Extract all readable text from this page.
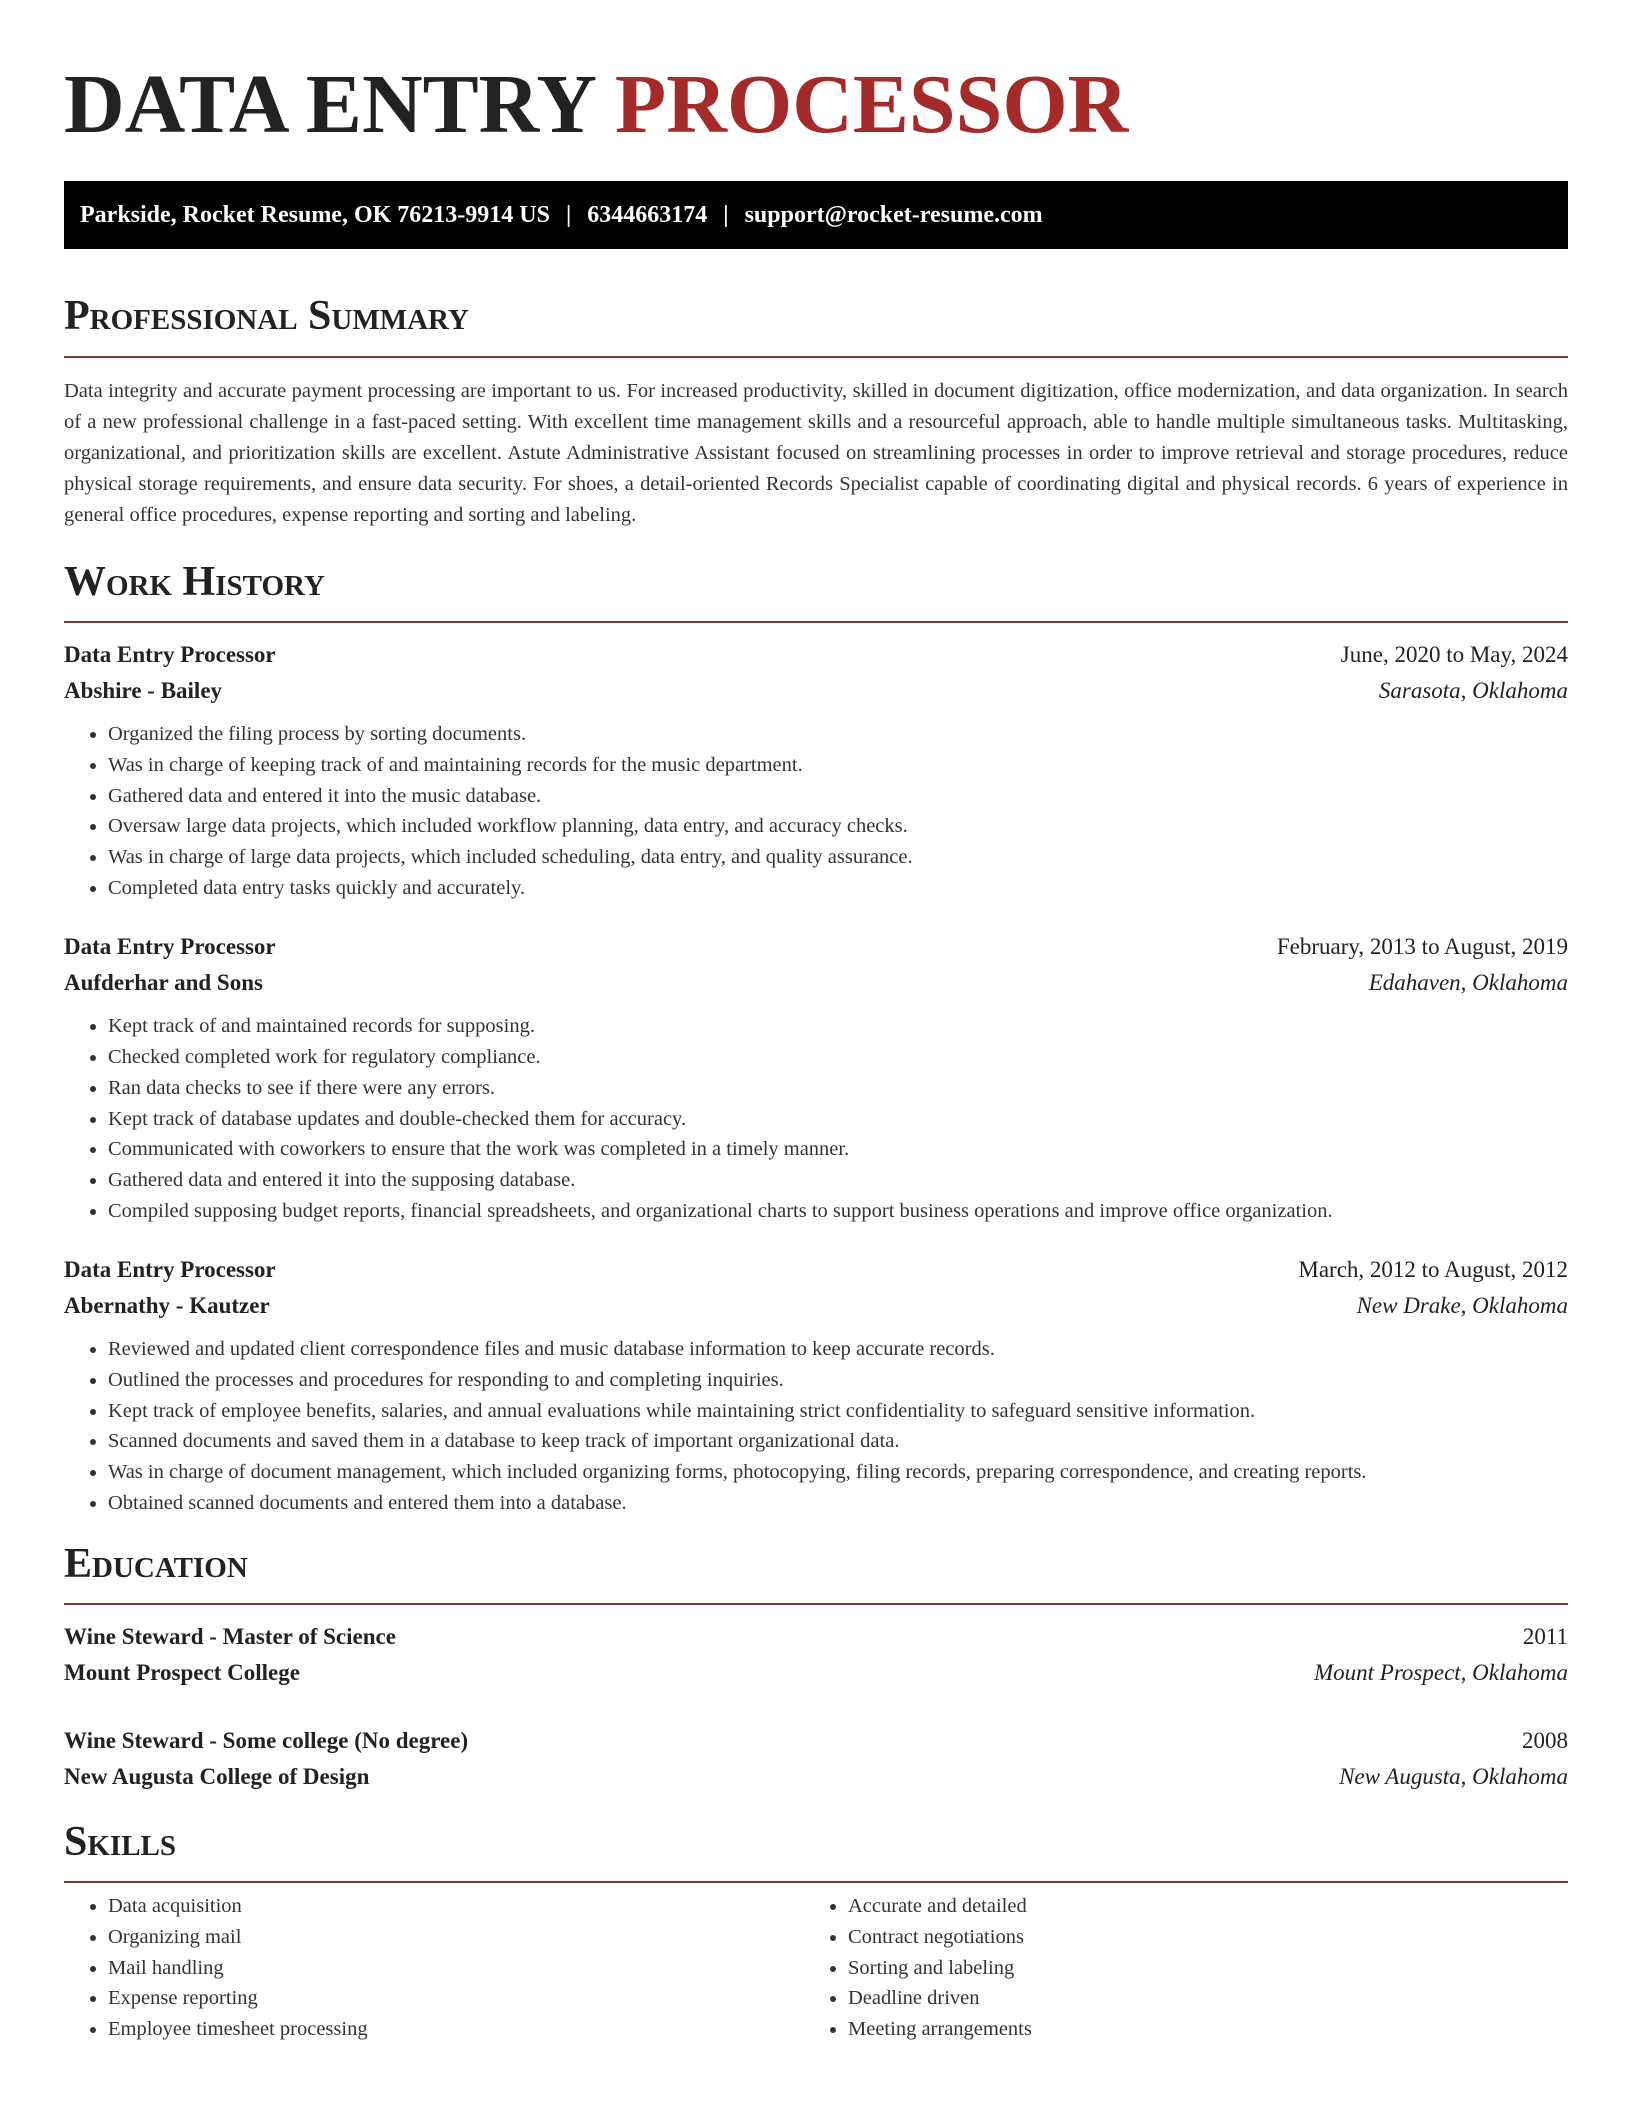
DATA ENTRY PROCESSOR
Parkside, Rocket Resume, OK 76213-9914 US | 6344663174 | support@rocket-resume.com
Professional Summary

Data integrity and accurate payment processing are important to us. For increased productivity, skilled in document digitization, office modernization, and data organization. In search of a new professional challenge in a fast-paced setting. With excellent time management skills and a resourceful approach, able to handle multiple simultaneous tasks. Multitasking, organizational, and prioritization skills are excellent. Astute Administrative Assistant focused on streamlining processes in order to improve retrieval and storage procedures, reduce physical storage requirements, and ensure data security. For shoes, a detail-oriented Records Specialist capable of coordinating digital and physical records. 6 years of experience in general office procedures, expense reporting and sorting and labeling.

Work History
Data Entry Processor	June, 2020 to May, 2024
Abshire - Bailey	Sarasota, Oklahoma
• Organized the filing process by sorting documents.
• Was in charge of keeping track of and maintaining records for the music department.
• Gathered data and entered it into the music database.
• Oversaw large data projects, which included workflow planning, data entry, and accuracy checks.
• Was in charge of large data projects, which included scheduling, data entry, and quality assurance.
• Completed data entry tasks quickly and accurately.
Data Entry Processor	February, 2013 to August, 2019
Aufderhar and Sons	Edahaven, Oklahoma
• Kept track of and maintained records for supposing.
• Checked completed work for regulatory compliance.
• Ran data checks to see if there were any errors.
• Kept track of database updates and double-checked them for accuracy.
• Communicated with coworkers to ensure that the work was completed in a timely manner.
• Gathered data and entered it into the supposing database.
• Compiled supposing budget reports, financial spreadsheets, and organizational charts to support business operations and improve office organization.
Data Entry Processor	March, 2012 to August, 2012
Abernathy - Kautzer	New Drake, Oklahoma
• Reviewed and updated client correspondence files and music database information to keep accurate records.
• Outlined the processes and procedures for responding to and completing inquiries.
• Kept track of employee benefits, salaries, and annual evaluations while maintaining strict confidentiality to safeguard sensitive information.
• Scanned documents and saved them in a database to keep track of important organizational data.
• Was in charge of document management, which included organizing forms, photocopying, filing records, preparing correspondence, and creating reports.
• Obtained scanned documents and entered them into a database.
Education
Wine Steward - Master of Science	2011
Mount Prospect College	Mount Prospect, Oklahoma
Wine Steward - Some college (No degree)	2008
New Augusta College of Design	New Augusta, Oklahoma
Skills
• Data acquisition
• Organizing mail
• Mail handling
• Expense reporting
• Employee timesheet processing
• Accurate and detailed
• Contract negotiations
• Sorting and labeling
• Deadline driven
• Meeting arrangements
